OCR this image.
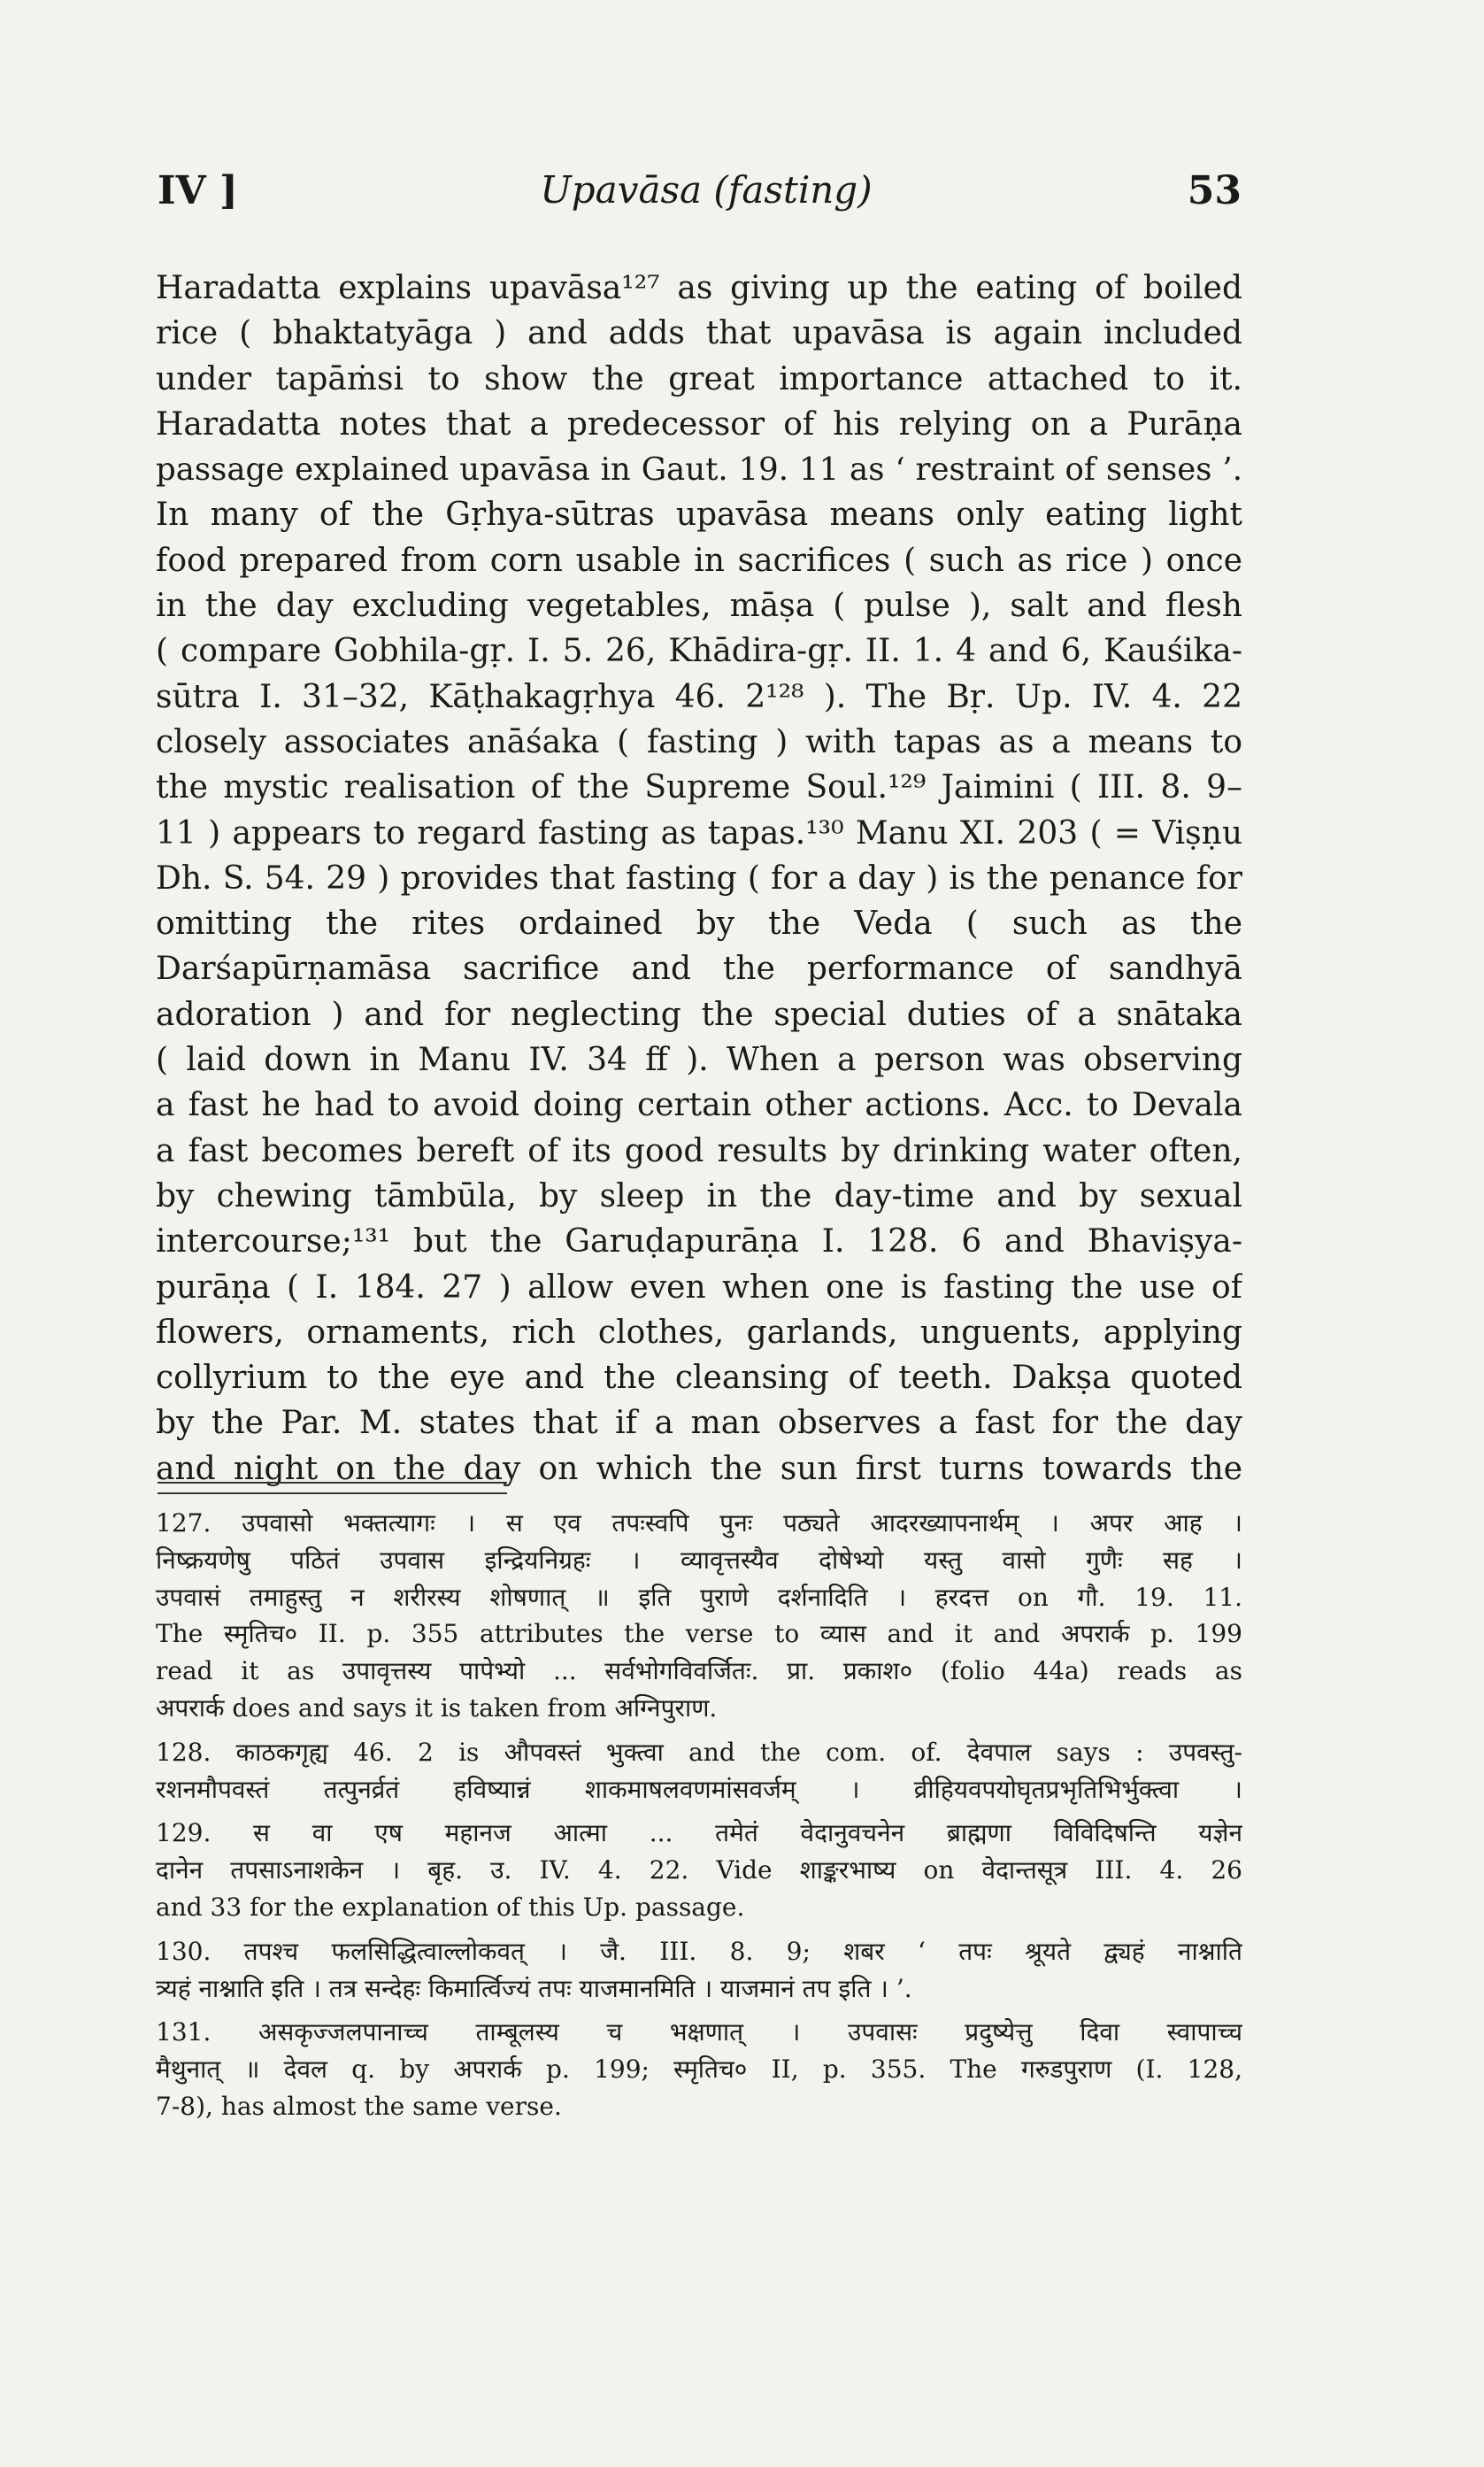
IV ]	Upavāsa (fasting)	53
Haradatta explains upavāsa¹²⁷ as giving up the eating of boiled
rice ( bhaktatyāga ) and adds that upavāsa is again included
under tapāṁsi to show the great importance attached to it.
Haradatta notes that a predecessor of his relying on a Purāṇa
passage explained upavāsa in Gaut. 19. 11 as ‘ restraint of senses ’.
In many of the Gṛhya-sūtras upavāsa means only eating light
food prepared from corn usable in sacrifices ( such as rice ) once
in the day excluding vegetables, māṣa ( pulse ), salt and flesh
( compare Gobhila-gṛ. I. 5. 26, Khādira-gṛ. II. 1. 4 and 6, Kauśika-
sūtra I. 31–32, Kāṭhakagṛhya 46. 2¹²⁸ ). The Bṛ. Up. IV. 4. 22
closely associates anāśaka ( fasting ) with tapas as a means to
the mystic realisation of the Supreme Soul.¹²⁹ Jaimini ( III. 8. 9–
11 ) appears to regard fasting as tapas.¹³⁰ Manu XI. 203 ( = Viṣṇu
Dh. S. 54. 29 ) provides that fasting ( for a day ) is the penance for
omitting the rites ordained by the Veda ( such as the
Darśapūrṇamāsa sacrifice and the performance of sandhyā
adoration ) and for neglecting the special duties of a snātaka
( laid down in Manu IV. 34 ff ). When a person was observing
a fast he had to avoid doing certain other actions. Acc. to Devala
a fast becomes bereft of its good results by drinking water often,
by chewing tāmbūla, by sleep in the day-time and by sexual
intercourse;¹³¹ but the Garuḍapurāṇa I. 128. 6 and Bhaviṣya-
purāṇa ( I. 184. 27 ) allow even when one is fasting the use of
flowers, ornaments, rich clothes, garlands, unguents, applying
collyrium to the eye and the cleansing of teeth. Dakṣa quoted
by the Par. M. states that if a man observes a fast for the day
and night on the day on which the sun first turns towards the
127. उपवासो भक्तत्यागः । स एव तपःस्वपि पुनः पठ्यते आदरख्यापनार्थम् । अपर आह ।
निष्क्रयणेषु पठितं उपवास इन्द्रियनिग्रहः । व्यावृत्तस्यैव दोषेभ्यो यस्तु वासो गुणैः सह ।
उपवासं तमाहुस्तु न शरीरस्य शोषणात् ॥ इति पुराणे दर्शनादिति । हरदत्त on गौ. 19. 11.
The स्मृतिच० II. p. 355 attributes the verse to व्यास and it and अपरार्क p. 199
read it as उपावृत्तस्य पापेभ्यो ... सर्वभोगविवर्जितः. प्रा. प्रकाश० (folio 44a) reads as
अपरार्क does and says it is taken from अग्निपुराण.
128. काठकगृह्य 46. 2 is औपवस्तं भुक्त्वा and the com. of. देवपाल says : उपवस्तु-
रशनमौपवस्तं तत्पुनर्व्रतं हविष्यान्नं शाकमाषलवणमांसवर्जम् । व्रीहियवपयोघृतप्रभृतिभिर्भुक्त्वा ।
129. स वा एष महानज आत्मा ... तमेतं वेदानुवचनेन ब्राह्मणा विविदिषन्ति यज्ञेन
दानेन तपसाऽनाशकेन । बृह. उ. IV. 4. 22. Vide शाङ्करभाष्य on वेदान्तसूत्र III. 4. 26
and 33 for the explanation of this Up. passage.
130. तपश्च फलसिद्धित्वाल्लोकवत् । जै. III. 8. 9; शबर ‘ तपः श्रूयते द्व्यहं नाश्नाति
त्र्यहं नाश्नाति इति । तत्र सन्देहः किमार्त्विज्यं तपः याजमानमिति । याजमानं तप इति । ’.
131. असकृज्जलपानाच्च ताम्बूलस्य च भक्षणात् । उपवासः प्रदुष्येत्तु दिवा स्वापाच्च
मैथुनात् ॥ देवल q. by अपरार्क p. 199; स्मृतिच० II, p. 355. The गरुडपुराण (I. 128,
7-8), has almost the same verse.
